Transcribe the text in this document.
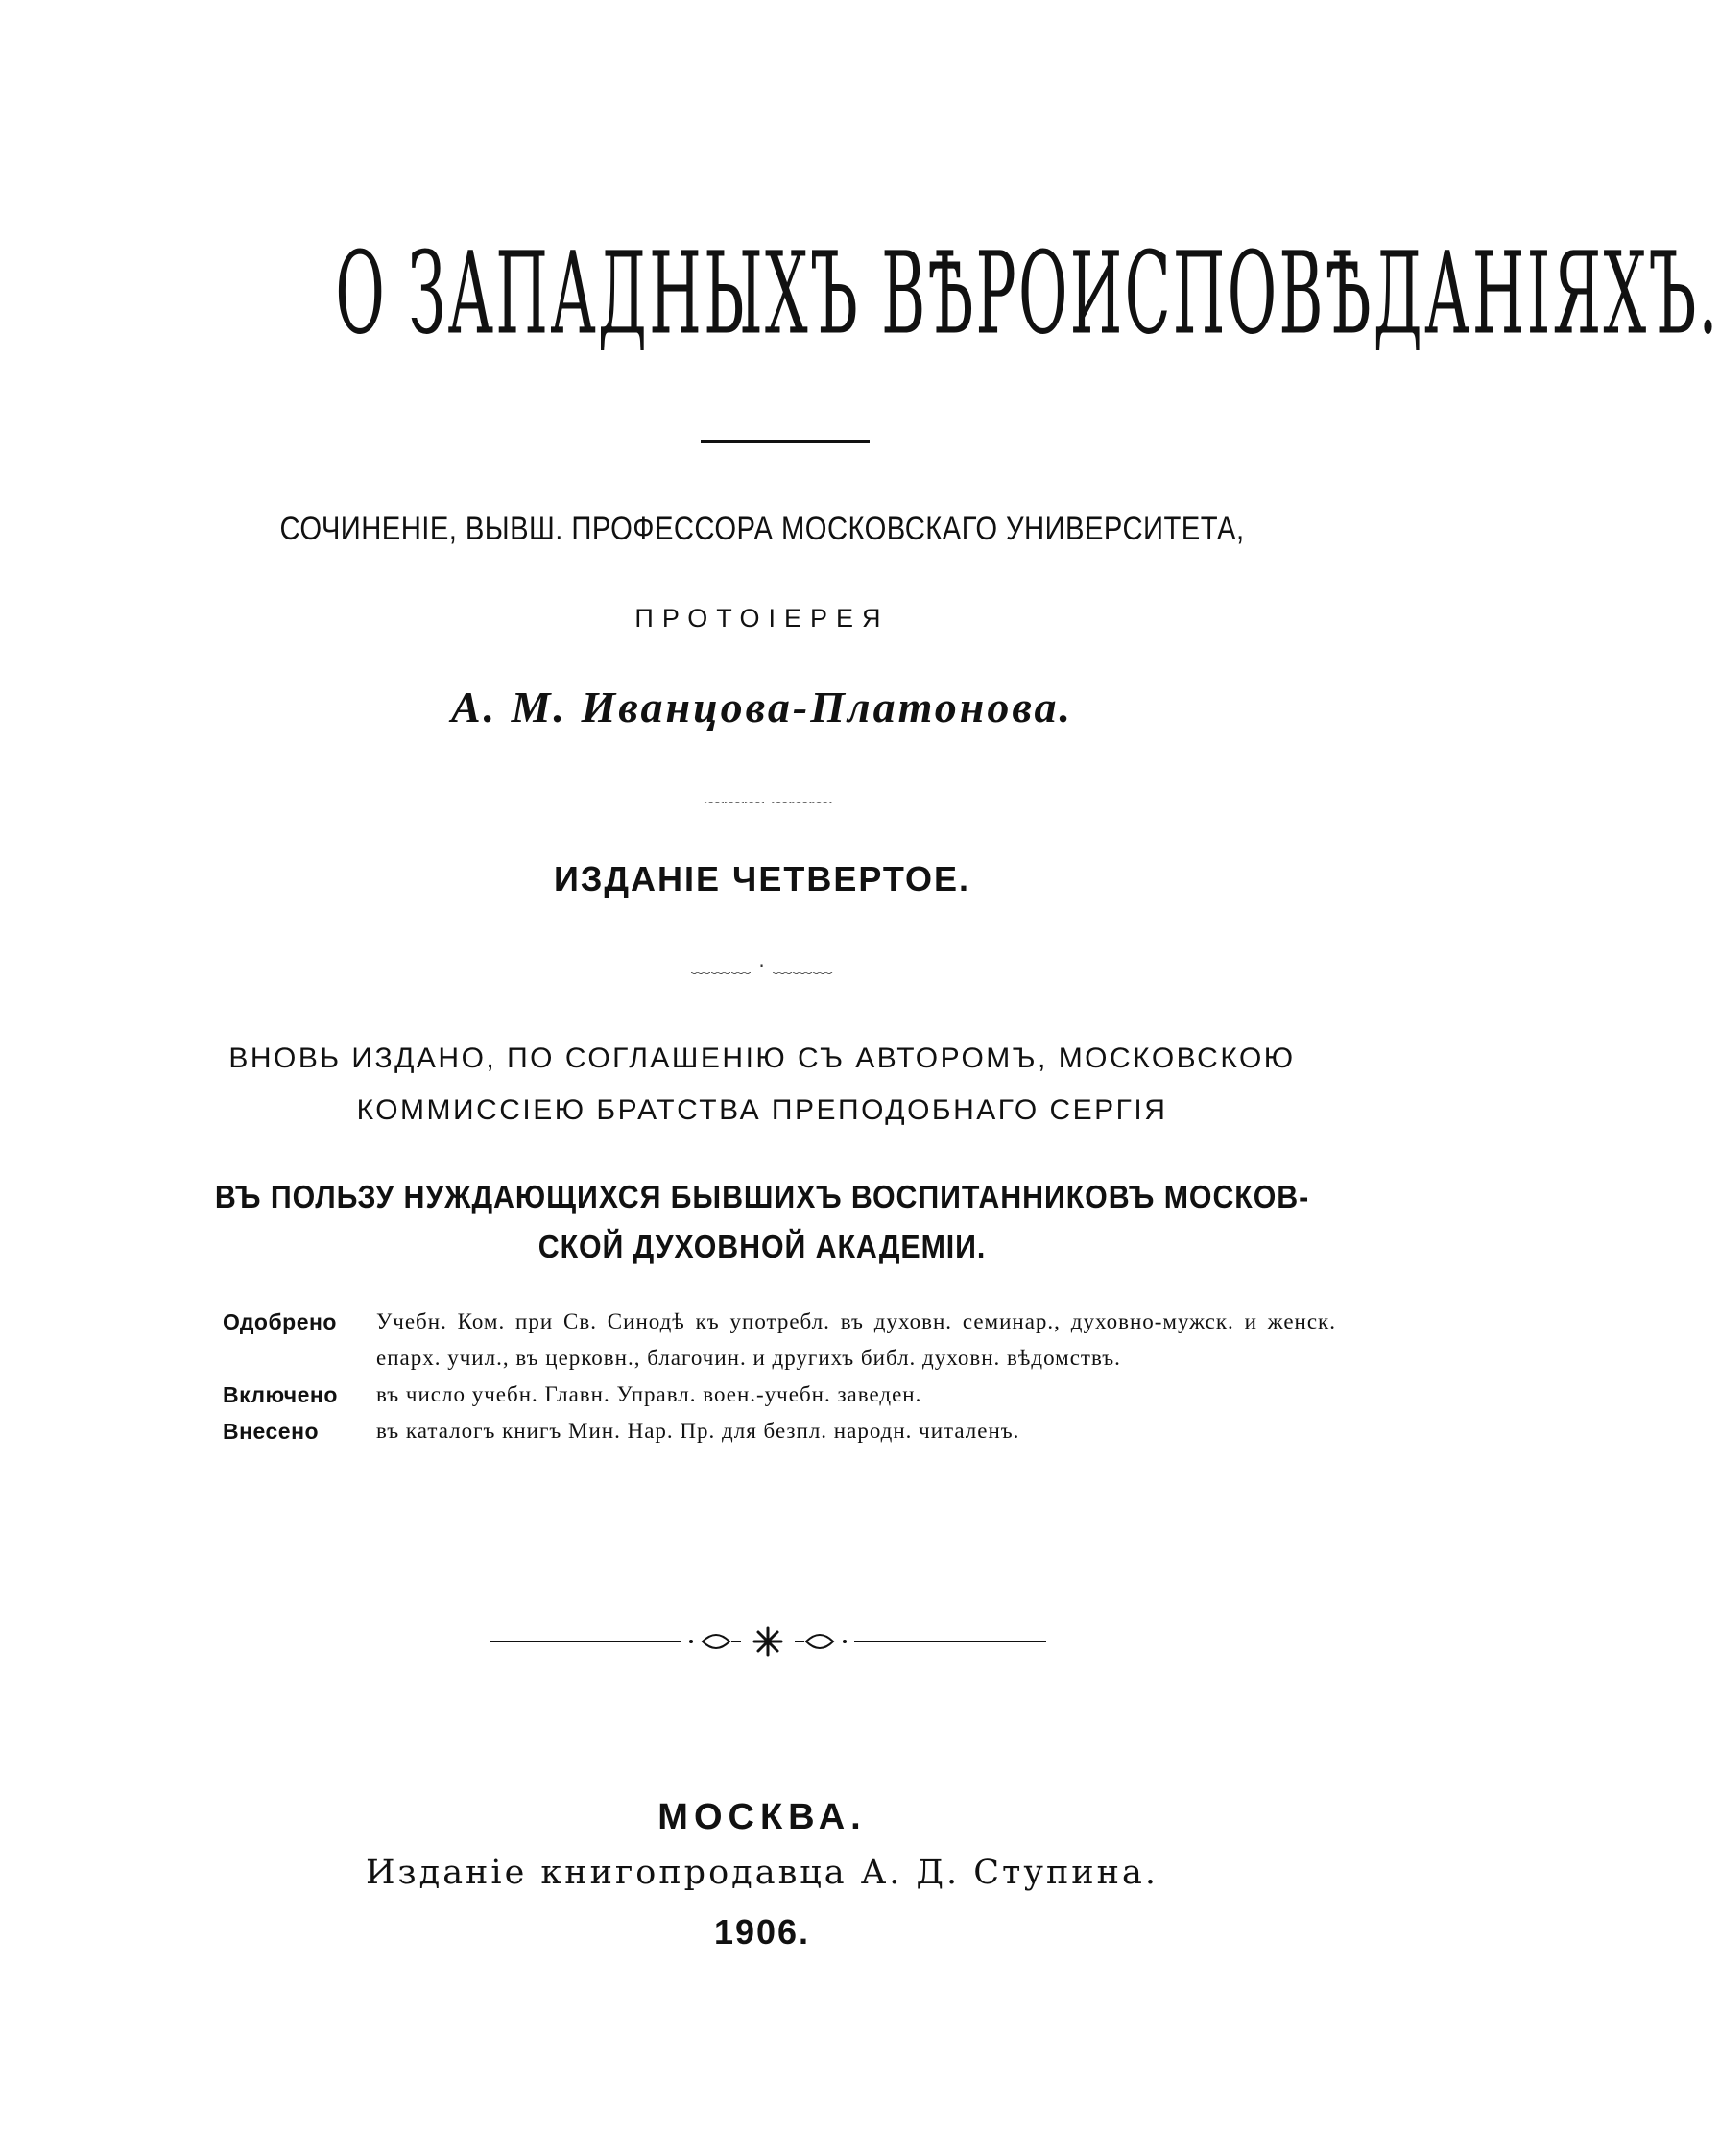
О ЗАПАДНЫХЪ ВѢРОИСПОВѢДАНІЯХЪ.
СОЧИНЕНІЕ, ВЫВШ. ПРОФЕССОРА МОСКОВСКАГО УНИВЕРСИТЕТА,
ПРОТОІЕРЕЯ
А. М. Иванцова-Платонова.
﹏﹏﹏ ﹏﹏﹏
ИЗДАНІЕ ЧЕТВЕРТОЕ.
﹏﹏﹏ · ﹏﹏﹏
ВНОВЬ ИЗДАНО, ПО СОГЛАШЕНІЮ СЪ АВТОРОМЪ, МОСКОВСКОЮ
КОММИССІЕЮ БРАТСТВА ПРЕПОДОБНАГО СЕРГІЯ
ВЪ ПОЛЬЗУ НУЖДАЮЩИХСЯ БЫВШИХЪ ВОСПИТАННИКОВЪ МОСКОВ-
СКОЙ ДУХОВНОЙ АКАДЕМІИ.
Одобрено	Учебн. Ком. при Св. Синодѣ къ употребл. въ духовн. семинар., духовно-мужск. и женск. епарх. учил., въ церковн., благочин. и другихъ библ. духовн. вѣдомствъ.
Включено	въ число учебн. Главн. Управл. воен.-учебн. заведен.
Внесено	въ каталогъ книгъ Мин. Нар. Пр. для безпл. народн. читаленъ.
МОСКВА.
Изданіе книгопродавца А. Д. Ступина.
1906.
